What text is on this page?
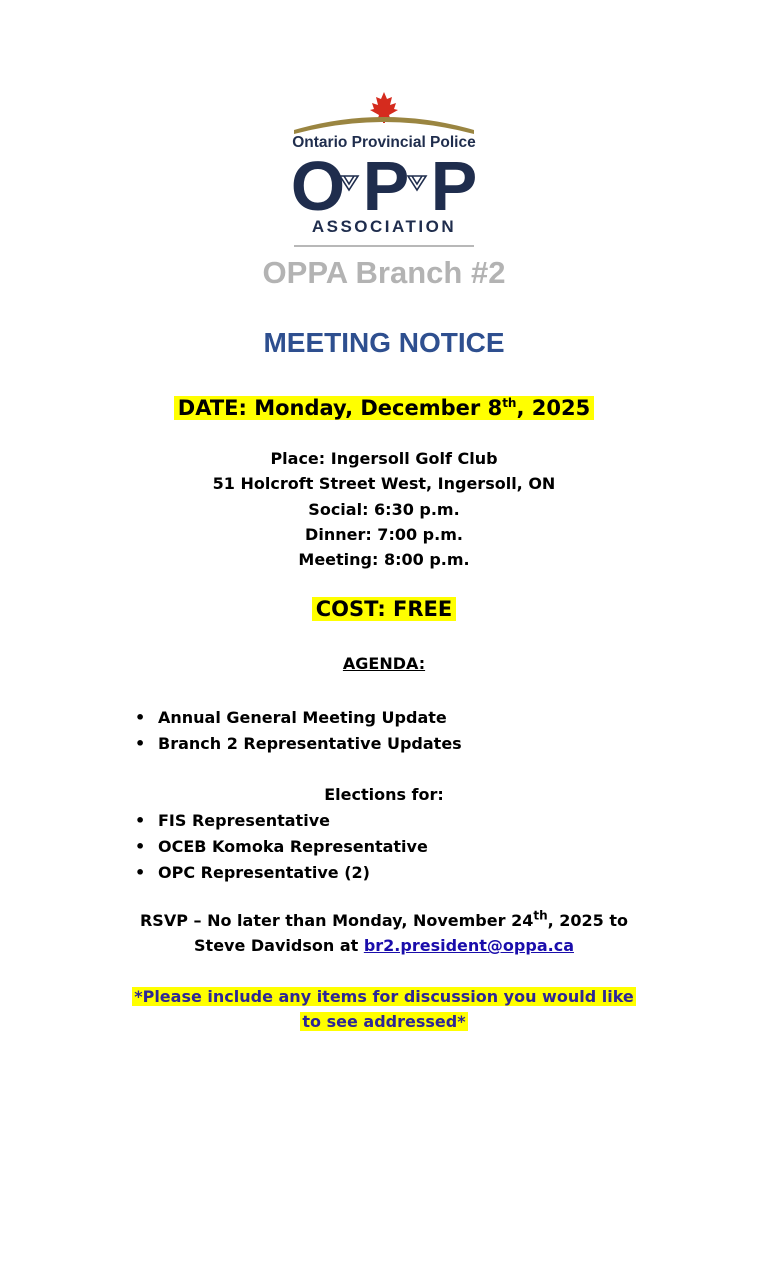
Ontario Provincial Police
O P P
ASSOCIATION
OPPA Branch #2
MEETING NOTICE
DATE: Monday, December 8th, 2025
Place: Ingersoll Golf Club
51 Holcroft Street West, Ingersoll, ON
Social: 6:30 p.m.
Dinner: 7:00 p.m.
Meeting: 8:00 p.m.
COST: FREE
AGENDA:
• Annual General Meeting Update
• Branch 2 Representative Updates
Elections for:
• FIS Representative
• OCEB Komoka Representative
• OPC Representative (2)
RSVP – No later than Monday, November 24th, 2025 to
Steve Davidson at br2.president@oppa.ca
*Please include any items for discussion you would like
to see addressed*
